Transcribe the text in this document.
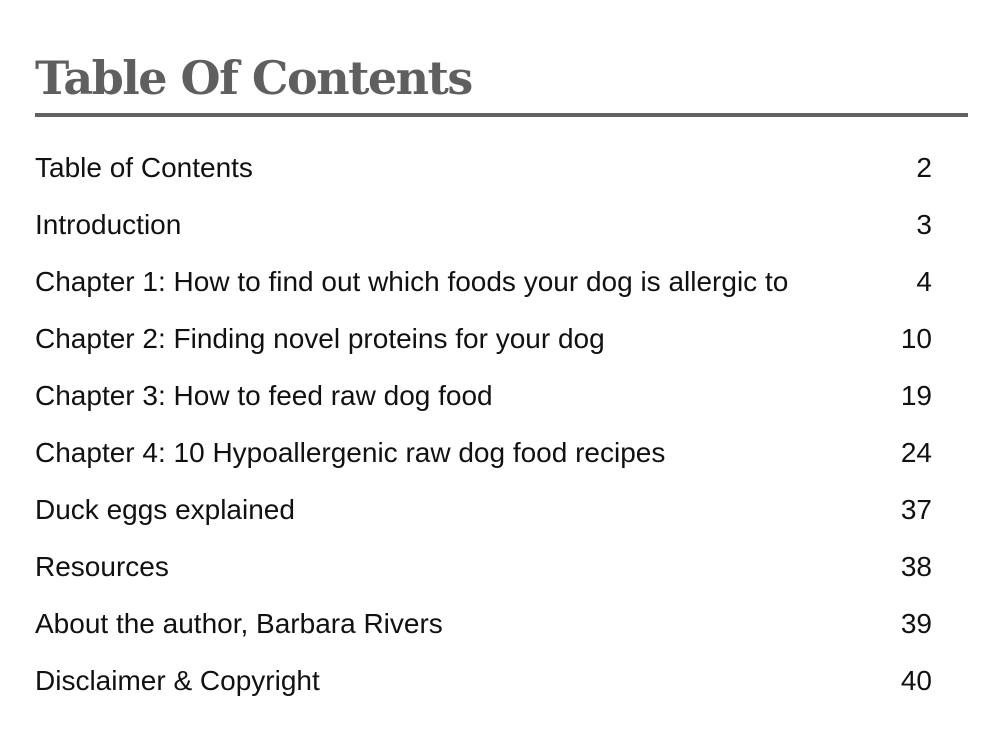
Table Of Contents
Table of Contents	2
Introduction	3
Chapter 1: How to find out which foods your dog is allergic to	4
Chapter 2: Finding novel proteins for your dog	10
Chapter 3: How to feed raw dog food	19
Chapter 4: 10 Hypoallergenic raw dog food recipes	24
Duck eggs explained	37
Resources	38
About the author, Barbara Rivers	39
Disclaimer & Copyright	40
